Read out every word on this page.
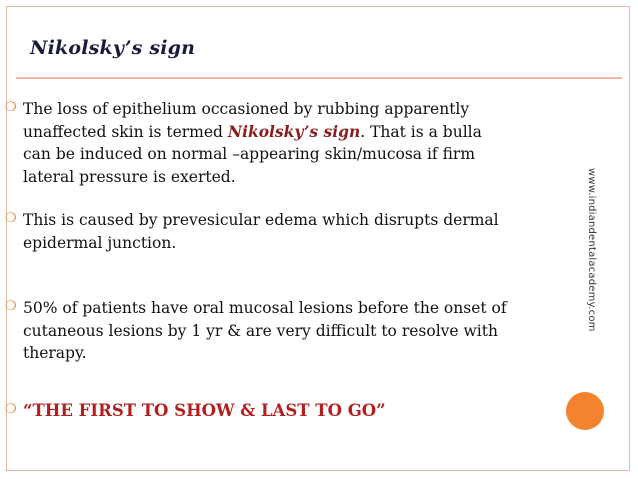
Nikolsky’s sign
❍ The loss of epithelium occasioned by rubbing apparently
unaffected skin is termed Nikolsky’s sign. That is a bulla
can be induced on normal –appearing skin/mucosa if firm
lateral pressure is exerted.
❍ This is caused by prevesicular edema which disrupts dermal
epidermal junction.
❍ 50% of patients have oral mucosal lesions before the onset of
cutaneous lesions by 1 yr & are very difficult to resolve with
therapy.
❍ “THE FIRST TO SHOW & LAST TO GO”
www.indiandentalacademy.com
